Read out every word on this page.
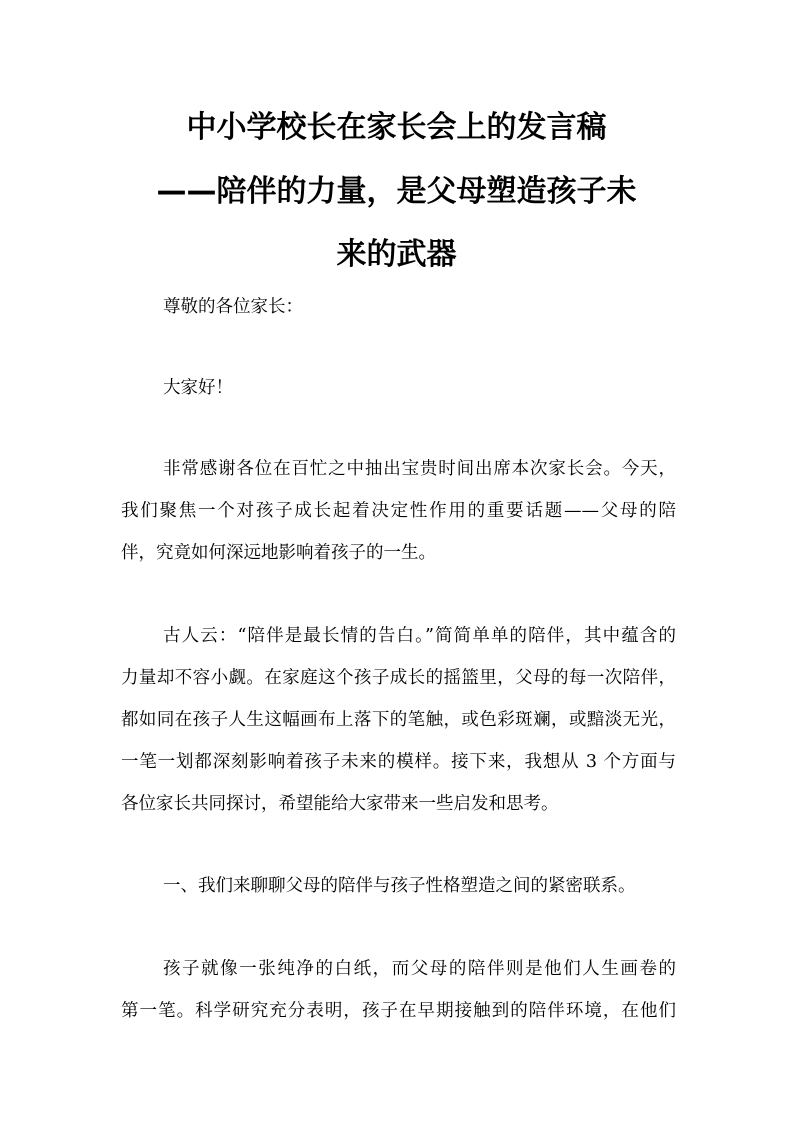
中小学校长在家长会上的发言稿
——陪伴的力量，是父母塑造孩子未
来的武器
尊敬的各位家长：
大家好！
非常感谢各位在百忙之中抽出宝贵时间出席本次家长会。今天，
我们聚焦一个对孩子成长起着决定性作用的重要话题——父母的陪
伴，究竟如何深远地影响着孩子的一生。
古人云：“陪伴是最长情的告白。”简简单单的陪伴，其中蕴含的
力量却不容小觑。在家庭这个孩子成长的摇篮里，父母的每一次陪伴，
都如同在孩子人生这幅画布上落下的笔触，或色彩斑斓，或黯淡无光，
一笔一划都深刻影响着孩子未来的模样。接下来，我想从 3 个方面与
各位家长共同探讨，希望能给大家带来一些启发和思考。
一、我们来聊聊父母的陪伴与孩子性格塑造之间的紧密联系。
孩子就像一张纯净的白纸，而父母的陪伴则是他们人生画卷的
第一笔。科学研究充分表明，孩子在早期接触到的陪伴环境，在他们
